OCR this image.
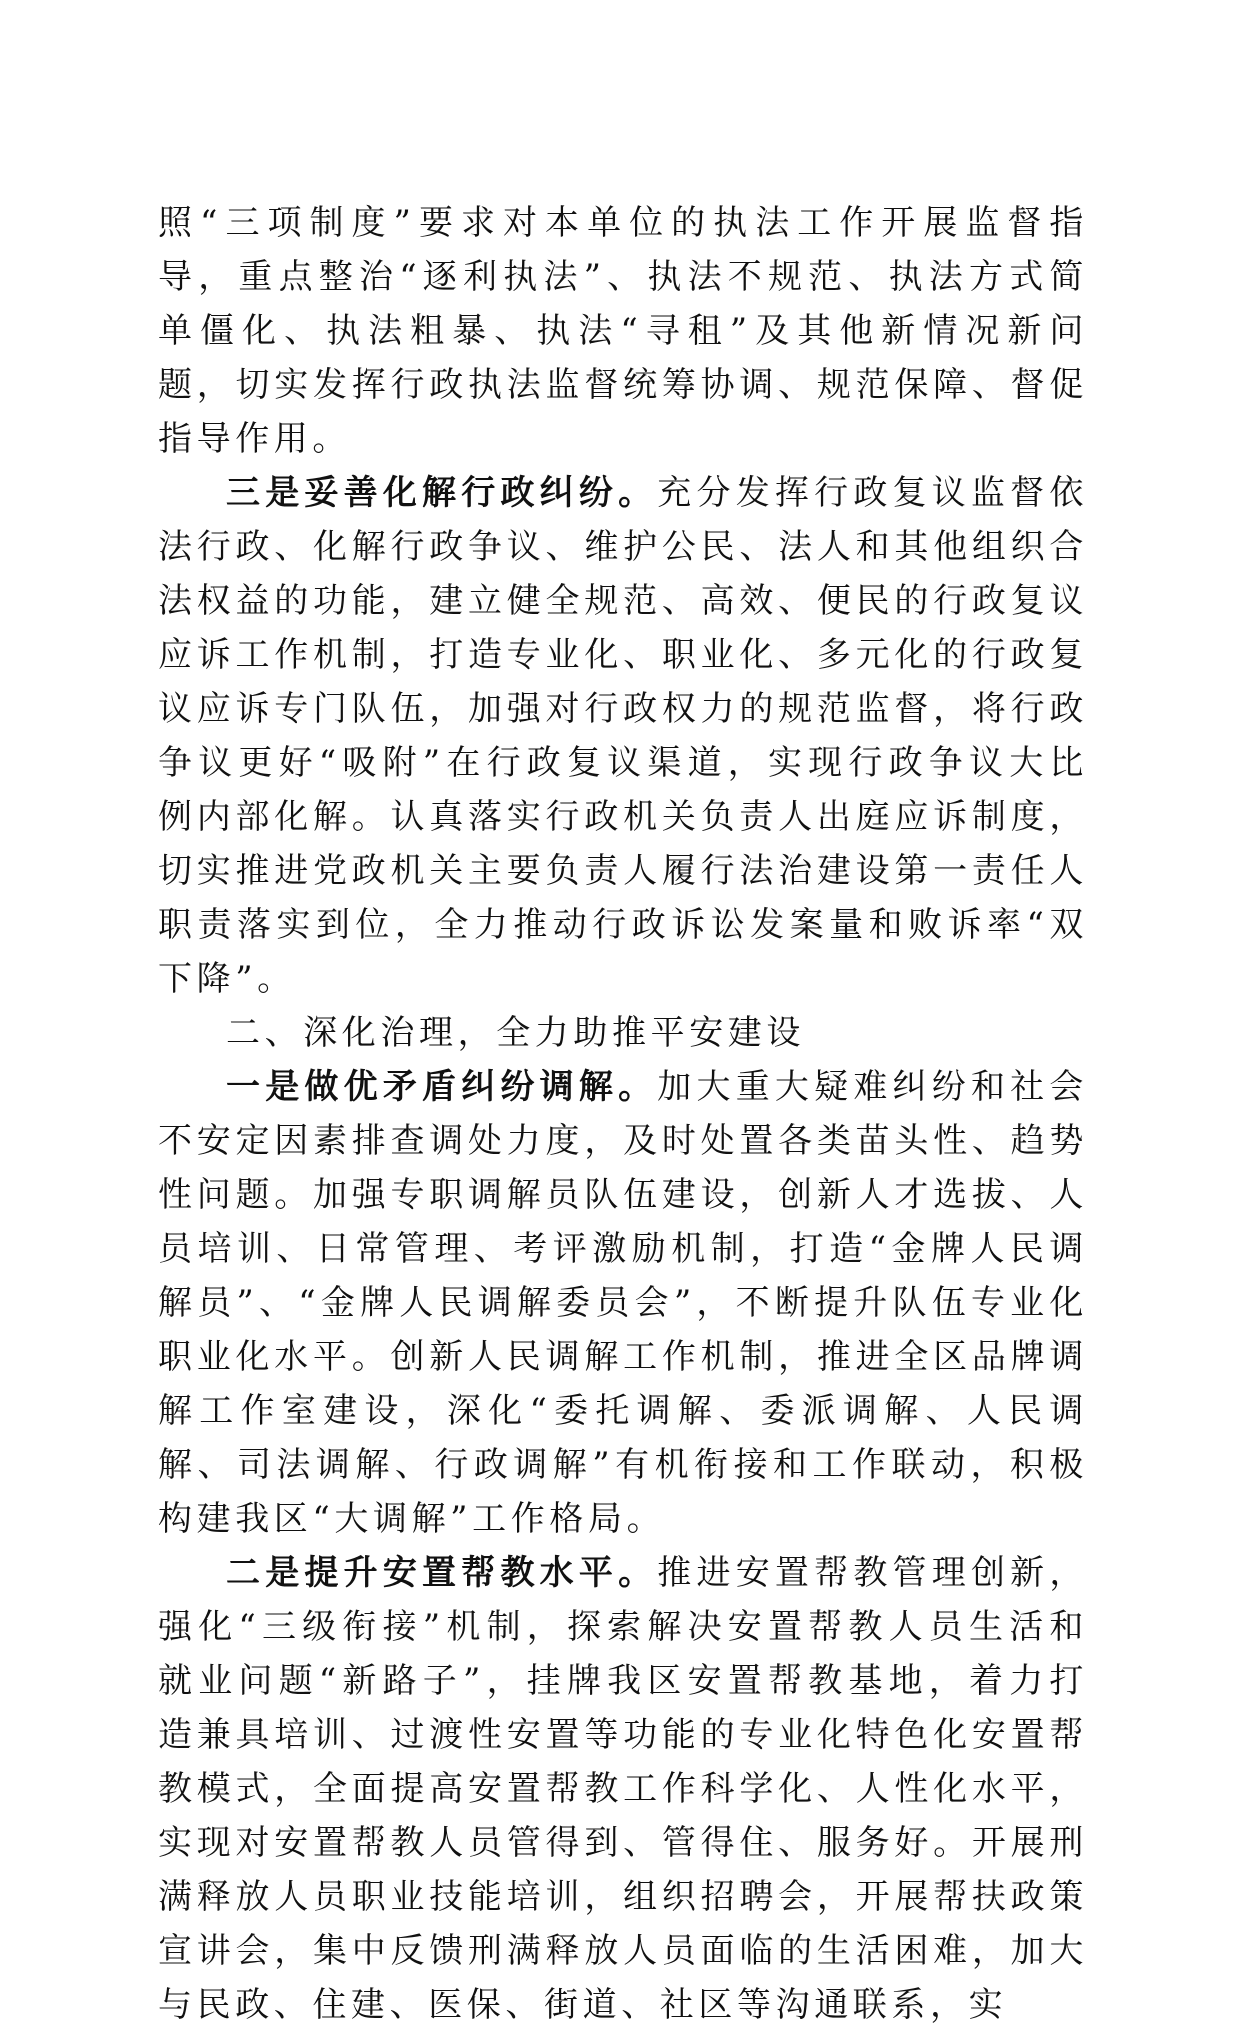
照“三项制度”要求对本单位的执法工作开展监督指导，重点整治“逐利执法”、执法不规范、执法方式简单僵化、执法粗暴、执法“寻租”及其他新情况新问题，切实发挥行政执法监督统筹协调、规范保障、督促指导作用。

三是妥善化解行政纠纷。充分发挥行政复议监督依法行政、化解行政争议、维护公民、法人和其他组织合法权益的功能，建立健全规范、高效、便民的行政复议应诉工作机制，打造专业化、职业化、多元化的行政复议应诉专门队伍，加强对行政权力的规范监督，将行政争议更好“吸附”在行政复议渠道，实现行政争议大比例内部化解。认真落实行政机关负责人出庭应诉制度，切实推进党政机关主要负责人履行法治建设第一责任人职责落实到位，全力推动行政诉讼发案量和败诉率“双下降”。

二、深化治理，全力助推平安建设

一是做优矛盾纠纷调解。加大重大疑难纠纷和社会不安定因素排查调处力度，及时处置各类苗头性、趋势性问题。加强专职调解员队伍建设，创新人才选拔、人员培训、日常管理、考评激励机制，打造“金牌人民调解员”、“金牌人民调解委员会”，不断提升队伍专业化职业化水平。创新人民调解工作机制，推进全区品牌调解工作室建设，深化“委托调解、委派调解、人民调解、司法调解、行政调解”有机衔接和工作联动，积极构建我区“大调解”工作格局。

二是提升安置帮教水平。推进安置帮教管理创新，强化“三级衔接”机制，探索解决安置帮教人员生活和就业问题“新路子”，挂牌我区安置帮教基地，着力打造兼具培训、过渡性安置等功能的专业化特色化安置帮教模式，全面提高安置帮教工作科学化、人性化水平，实现对安置帮教人员管得到、管得住、服务好。开展刑满释放人员职业技能培训，组织招聘会，开展帮扶政策宣讲会，集中反馈刑满释放人员面临的生活困难，加大与民政、住建、医保、街道、社区等沟通联系，实
